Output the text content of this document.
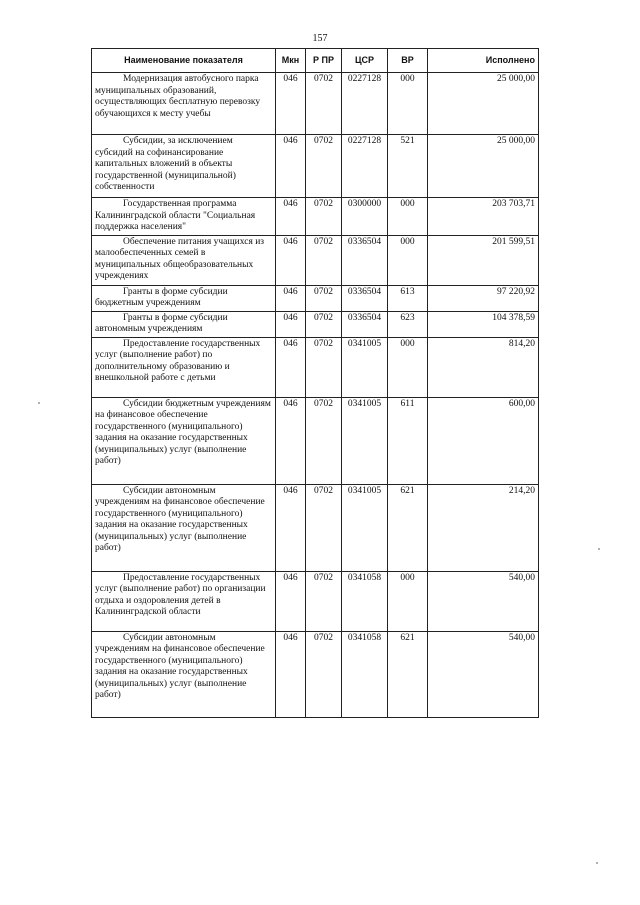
157
Наименование показателя	Мкн	Р ПР	ЦСР	ВР	Исполнено
Модернизация автобусного парка муниципальных образований, осуществляющих бесплатную перевозку обучающихся к месту учебы	046	0702	0227128	000	25 000,00
Субсидии, за исключением субсидий на софинансирование капитальных вложений в объекты государственной (муниципальной) собственности	046	0702	0227128	521	25 000,00
Государственная программа Калининградской области "Социальная поддержка населения"	046	0702	0300000	000	203 703,71
Обеспечение питания учащихся из малообеспеченных семей в муниципальных общеобразовательных учреждениях	046	0702	0336504	000	201 599,51
Гранты в форме субсидии бюджетным учреждениям	046	0702	0336504	613	97 220,92
Гранты в форме субсидии автономным учреждениям	046	0702	0336504	623	104 378,59
Предоставление государственных услуг (выполнение работ) по дополнительному образованию и внешкольной работе с детьми	046	0702	0341005	000	814,20
Субсидии бюджетным учреждениям на финансовое обеспечение государственного (муниципального) задания на оказание государственных (муниципальных) услуг (выполнение работ)	046	0702	0341005	611	600,00
Субсидии автономным учреждениям на финансовое обеспечение государственного (муниципального) задания на оказание государственных (муниципальных) услуг (выполнение работ)	046	0702	0341005	621	214,20
Предоставление государственных услуг (выполнение работ) по организации отдыха и оздоровления детей в Калининградской области	046	0702	0341058	000	540,00
Субсидии автономным учреждениям на финансовое обеспечение государственного (муниципального) задания на оказание государственных (муниципальных) услуг (выполнение работ)	046	0702	0341058	621	540,00
